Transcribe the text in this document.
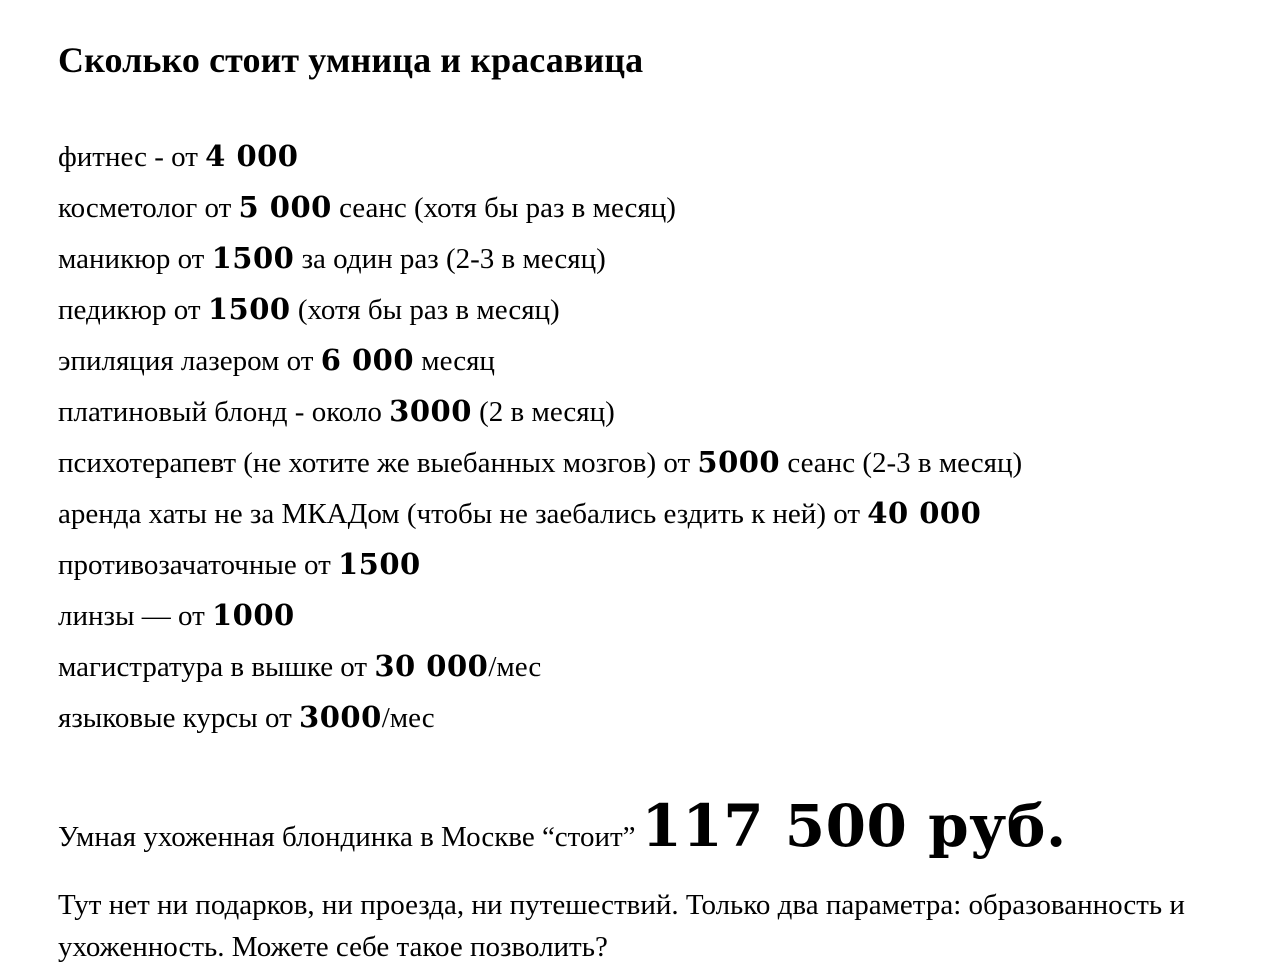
Сколько стоит умница и красавица
фитнес - от 4 000
косметолог от 5 000 сеанс (хотя бы раз в месяц)
маникюр от 1500 за один раз (2-3 в месяц)
педикюр от 1500 (хотя бы раз в месяц)
эпиляция лазером от 6 000 месяц
платиновый блонд - около 3000 (2 в месяц)
психотерапевт (не хотите же выебанных мозгов) от 5000 сеанс (2-3 в месяц)
аренда хаты не за МКАДом (чтобы не заебались ездить к ней) от 40 000
противозачаточные от 1500
линзы — от 1000
магистратура в вышке от 30 000/мес
языковые курсы от 3000/мес

Умная ухоженная блондинка в Москве “стоит” 117 500 руб.

Тут нет ни подарков, ни проезда, ни путешествий. Только два параметра: образованность и ухоженность. Можете себе такое позволить?
